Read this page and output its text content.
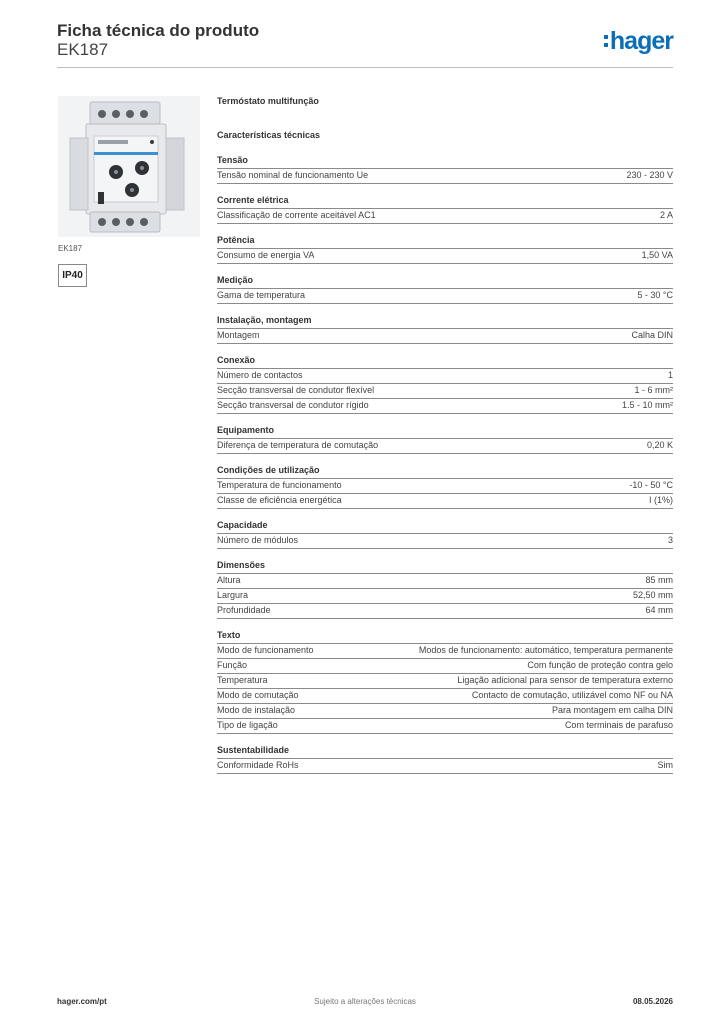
Ficha técnica do produto
EK187	hager
EK187
IP40
Termóstato multifunção
Características técnicas
Tensão
Tensão nominal de funcionamento Ue	230 - 230 V
Corrente elétrica
Classificação de corrente aceitável AC1	2 A
Potência
Consumo de energia VA	1,50 VA
Medição
Gama de temperatura	5 - 30 °C
Instalação, montagem
Montagem	Calha DIN
Conexão
Número de contactos	1
Secção transversal de condutor flexível	1 - 6 mm²
Secção transversal de condutor rígido	1.5 - 10 mm²
Equipamento
Diferença de temperatura de comutação	0,20 K
Condições de utilização
Temperatura de funcionamento	-10 - 50 °C
Classe de eficiência energética	I (1%)
Capacidade
Número de módulos	3
Dimensões
Altura	85 mm
Largura	52,50 mm
Profundidade	64 mm
Texto
Modo de funcionamento	Modos de funcionamento: automático, temperatura permanente
Função	Com função de proteção contra gelo
Temperatura	Ligação adicional para sensor de temperatura externo
Modo de comutação	Contacto de comutação, utilizável como NF ou NA
Modo de instalação	Para montagem em calha DIN
Tipo de ligação	Com terminais de parafuso
Sustentabilidade
Conformidade RoHs	Sim
hager.com/pt	Sujeito a alterações técnicas	08.05.2026
